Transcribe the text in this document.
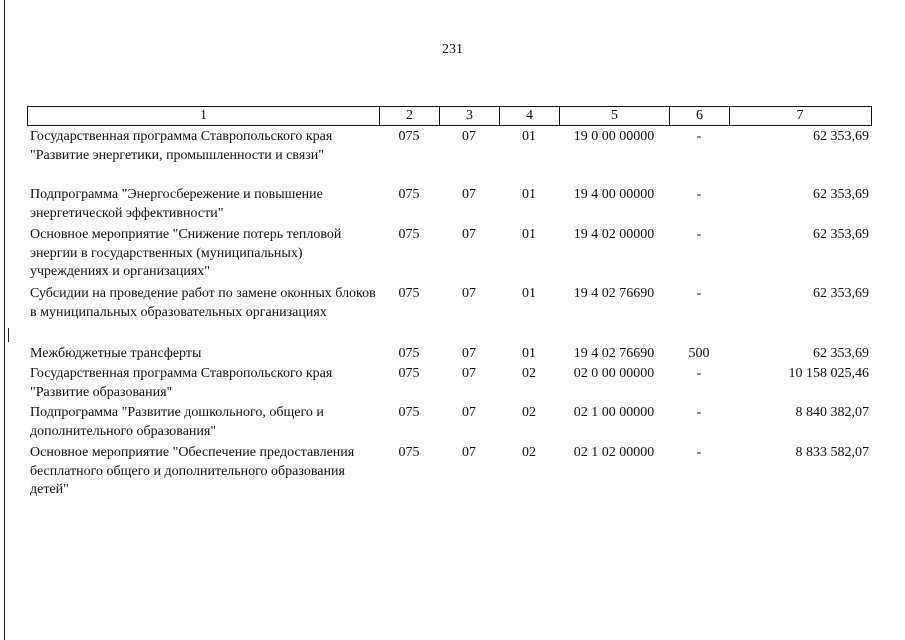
231
1	2	3	4	5	6	7
Государственная программа Ставропольского края "Развитие энергетики, промышленности и связи"
075	07	01	19 0 00 00000	-	62 353,69
Подпрограмма "Энергосбережение и повышение энергетической эффективности"
075	07	01	19 4 00 00000	-	62 353,69
Основное мероприятие "Снижение потерь тепловой энергии в государственных (муниципальных) учреждениях и организациях"
075	07	01	19 4 02 00000	-	62 353,69
Субсидии на проведение работ по замене оконных блоков в муниципальных образовательных организациях
075	07	01	19 4 02 76690	-	62 353,69
Межбюджетные трансферты	075	07	01	19 4 02 76690	500	62 353,69
Государственная программа Ставропольского края "Развитие образования"
075	07	02	02 0 00 00000	-	10 158 025,46
Подпрограмма "Развитие дошкольного, общего и дополнительного образования"
075	07	02	02 1 00 00000	-	8 840 382,07
Основное мероприятие "Обеспечение предоставления бесплатного общего и дополнительного образования детей"
075	07	02	02 1 02 00000	-	8 833 582,07
